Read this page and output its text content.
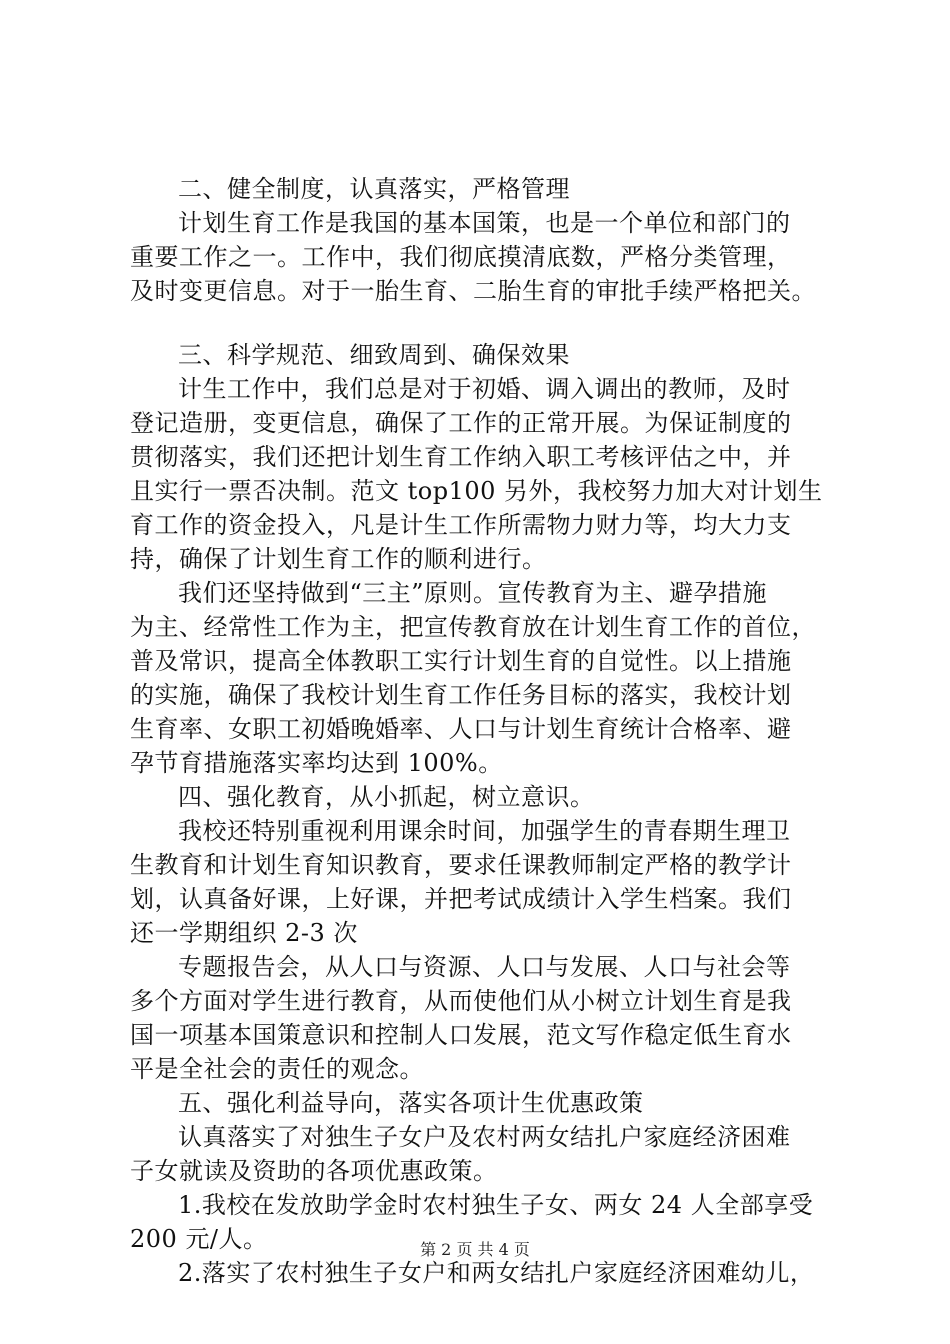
二、健全制度，认真落实，严格管理

计划生育工作是我国的基本国策，也是一个单位和部门的
重要工作之一。工作中，我们彻底摸清底数，严格分类管理，
及时变更信息。对于一胎生育、二胎生育的审批手续严格把关。

三、科学规范、细致周到、确保效果

计生工作中，我们总是对于初婚、调入调出的教师，及时
登记造册，变更信息，确保了工作的正常开展。为保证制度的
贯彻落实，我们还把计划生育工作纳入职工考核评估之中，并
且实行一票否决制。范文 top100 另外，我校努力加大对计划生
育工作的资金投入，凡是计生工作所需物力财力等，均大力支
持，确保了计划生育工作的顺利进行。

我们还坚持做到“三主”原则。宣传教育为主、避孕措施
为主、经常性工作为主，把宣传教育放在计划生育工作的首位，
普及常识，提高全体教职工实行计划生育的自觉性。以上措施
的实施，确保了我校计划生育工作任务目标的落实，我校计划
生育率、女职工初婚晚婚率、人口与计划生育统计合格率、避
孕节育措施落实率均达到 100%。

四、强化教育，从小抓起，树立意识。

我校还特别重视利用课余时间，加强学生的青春期生理卫
生教育和计划生育知识教育，要求任课教师制定严格的教学计
划，认真备好课，上好课，并把考试成绩计入学生档案。我们
还一学期组织 2-3 次

专题报告会，从人口与资源、人口与发展、人口与社会等
多个方面对学生进行教育，从而使他们从小树立计划生育是我
国一项基本国策意识和控制人口发展，范文写作稳定低生育水
平是全社会的责任的观念。

五、强化利益导向，落实各项计生优惠政策

认真落实了对独生子女户及农村两女结扎户家庭经济困难
子女就读及资助的各项优惠政策。

1.我校在发放助学金时农村独生子女、两女 24 人全部享受
200 元/人。

2.落实了农村独生子女户和两女结扎户家庭经济困难幼儿，

第 2 页 共 4 页
